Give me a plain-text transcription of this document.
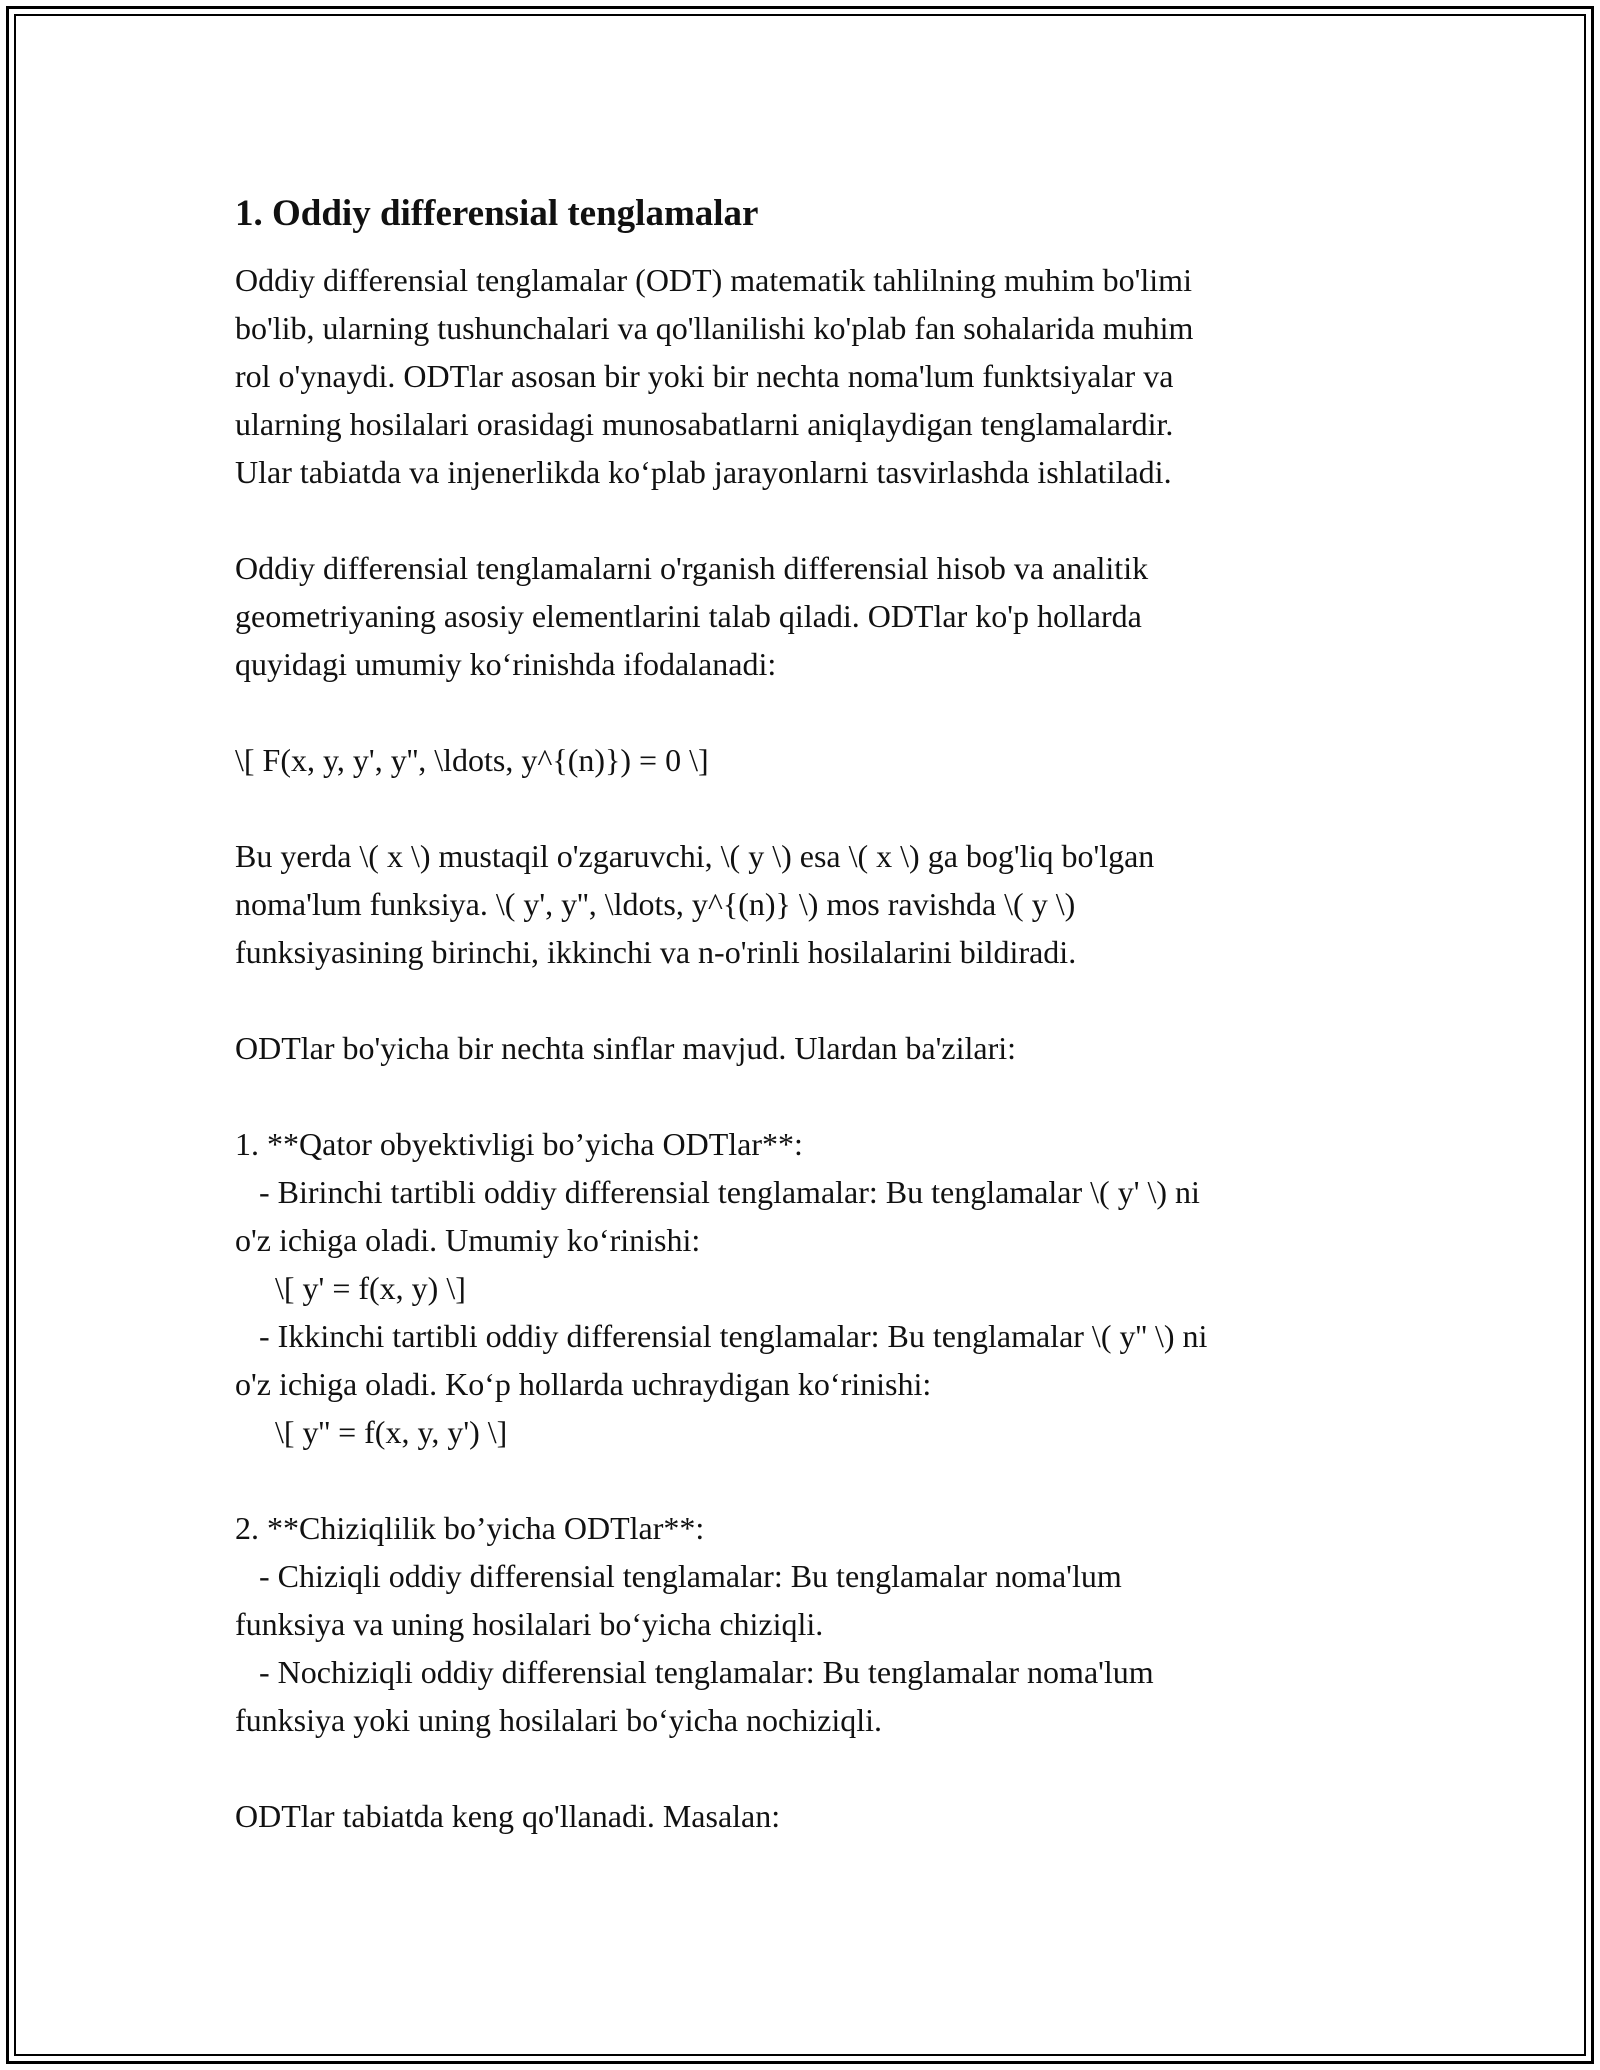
1. Oddiy differensial tenglamalar
Oddiy differensial tenglamalar (ODT) matematik tahlilning muhim bo'limi
bo'lib, ularning tushunchalari va qo'llanilishi ko'plab fan sohalarida muhim
rol o'ynaydi. ODTlar asosan bir yoki bir nechta noma'lum funktsiyalar va
ularning hosilalari orasidagi munosabatlarni aniqlaydigan tenglamalardir.
Ular tabiatda va injenerlikda ko‘plab jarayonlarni tasvirlashda ishlatiladi.
Oddiy differensial tenglamalarni o'rganish differensial hisob va analitik
geometriyaning asosiy elementlarini talab qiladi. ODTlar ko'p hollarda
quyidagi umumiy ko‘rinishda ifodalanadi:
\[ F(x, y, y', y'', \ldots, y^{(n)}) = 0 \]
Bu yerda \( x \) mustaqil o'zgaruvchi, \( y \) esa \( x \) ga bog'liq bo'lgan
noma'lum funksiya. \( y', y'', \ldots, y^{(n)} \) mos ravishda \( y \)
funksiyasining birinchi, ikkinchi va n-o'rinli hosilalarini bildiradi.
ODTlar bo'yicha bir nechta sinflar mavjud. Ulardan ba'zilari:
1. **Qator obyektivligi bo’yicha ODTlar**:
- Birinchi tartibli oddiy differensial tenglamalar: Bu tenglamalar \( y' \) ni
o'z ichiga oladi. Umumiy ko‘rinishi:
\[ y' = f(x, y) \]
- Ikkinchi tartibli oddiy differensial tenglamalar: Bu tenglamalar \( y'' \) ni
o'z ichiga oladi. Ko‘p hollarda uchraydigan ko‘rinishi:
\[ y'' = f(x, y, y') \]
2. **Chiziqlilik bo’yicha ODTlar**:
- Chiziqli oddiy differensial tenglamalar: Bu tenglamalar noma'lum
funksiya va uning hosilalari bo‘yicha chiziqli.
- Nochiziqli oddiy differensial tenglamalar: Bu tenglamalar noma'lum
funksiya yoki uning hosilalari bo‘yicha nochiziqli.
ODTlar tabiatda keng qo'llanadi. Masalan:
